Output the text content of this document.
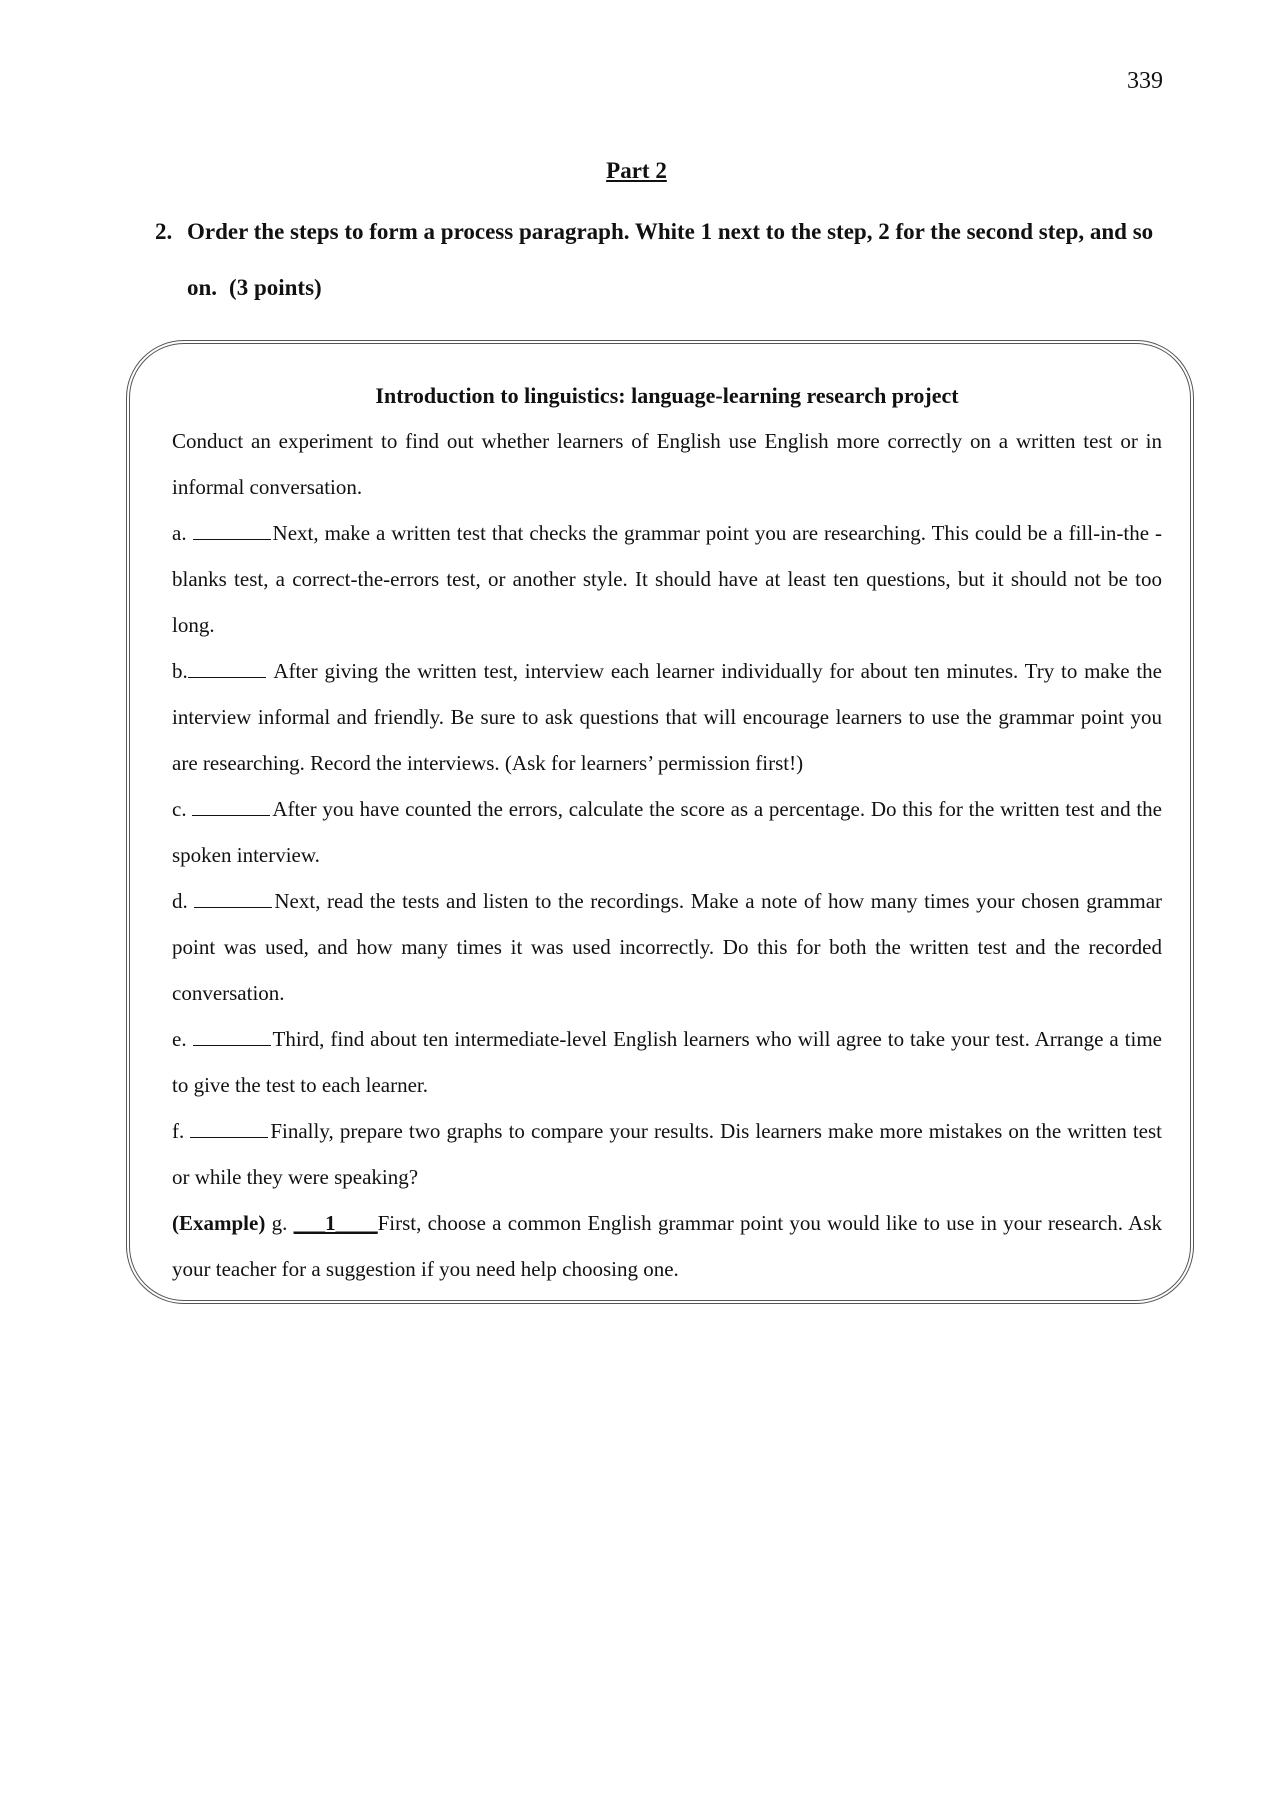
339
Part 2
2. Order the steps to form a process paragraph. White 1 next to the step, 2 for the second step, and so
on. (3 points)
Introduction to linguistics: language-learning research project

Conduct an experiment to find out whether learners of English use English more correctly on a written test or in informal conversation.

a.	Next, make a written test that checks the grammar point you are researching. This could be a fill-in-the -blanks test, a correct-the-errors test, or another style. It should have at least ten questions, but it should not be too long.

b.	After giving the written test, interview each learner individually for about ten minutes. Try to make the interview informal and friendly. Be sure to ask questions that will encourage learners to use the grammar point you are researching. Record the interviews. (Ask for learners’ permission first!)

c.	After you have counted the errors, calculate the score as a percentage. Do this for the written test and the spoken interview.

d.	Next, read the tests and listen to the recordings. Make a note of how many times your chosen grammar point was used, and how many times it was used incorrectly. Do this for both the written test and the recorded conversation.

e.	Third, find about ten intermediate-level English learners who will agree to take your test. Arrange a time to give the test to each learner.

f.	Finally, prepare two graphs to compare your results. Dis learners make more mistakes on the written test or while they were speaking?

(Example) g. ___1____First, choose a common English grammar point you would like to use in your research. Ask your teacher for a suggestion if you need help choosing one.
